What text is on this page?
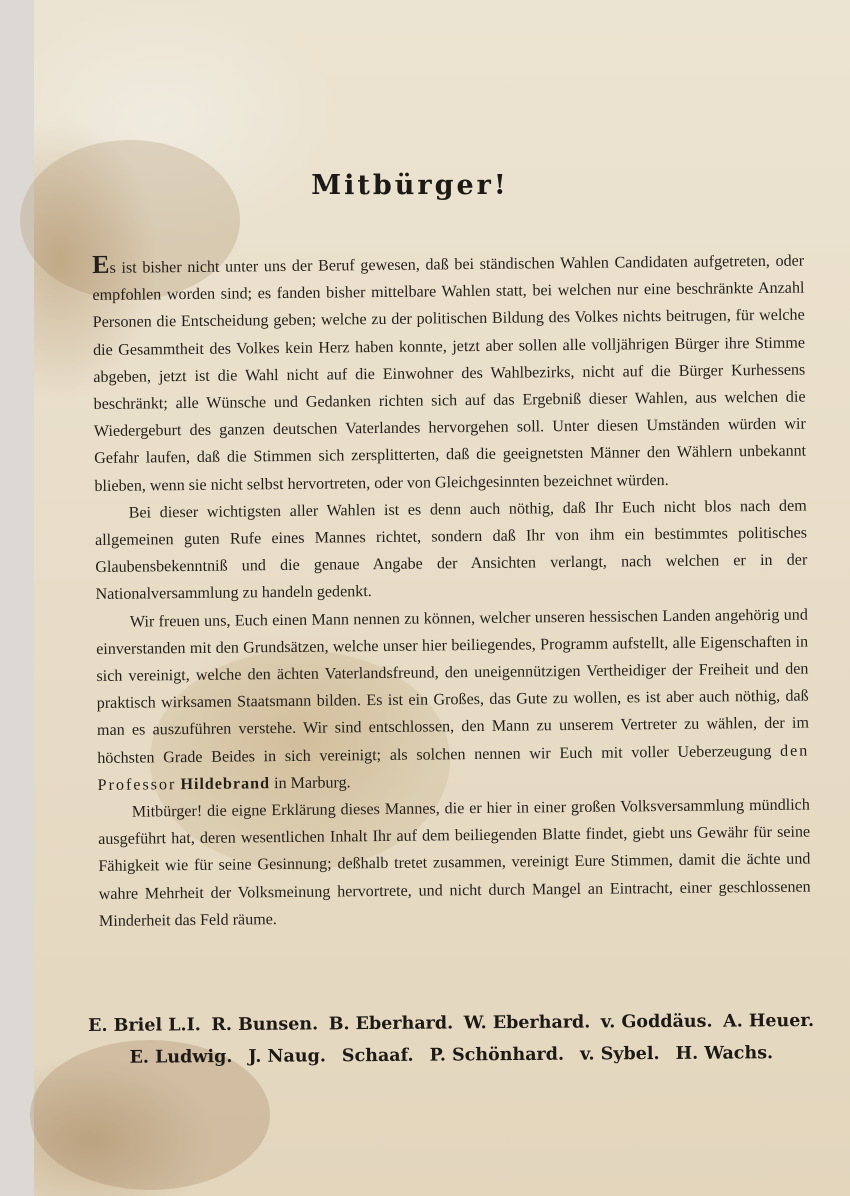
Mitbürger!

Es ist bisher nicht unter uns der Beruf gewesen, daß bei ständischen Wahlen Candidaten aufgetreten, oder empfohlen worden sind; es fanden bisher mittelbare Wahlen statt, bei welchen nur eine beschränkte Anzahl Personen die Entscheidung geben; welche zu der politischen Bildung des Volkes nichts beitrugen, für welche die Gesammtheit des Volkes kein Herz haben konnte, jetzt aber sollen alle volljährigen Bürger ihre Stimme abgeben, jetzt ist die Wahl nicht auf die Einwohner des Wahlbezirks, nicht auf die Bürger Kurhessens beschränkt; alle Wünsche und Gedanken richten sich auf das Ergebniß dieser Wahlen, aus welchen die Wiedergeburt des ganzen deutschen Vaterlandes hervorgehen soll. Unter diesen Umständen würden wir Gefahr laufen, daß die Stimmen sich zersplitterten, daß die geeignetsten Männer den Wählern unbekannt blieben, wenn sie nicht selbst hervortreten, oder von Gleichgesinnten bezeichnet würden.

Bei dieser wichtigsten aller Wahlen ist es denn auch nöthig, daß Ihr Euch nicht blos nach dem allgemeinen guten Rufe eines Mannes richtet, sondern daß Ihr von ihm ein bestimmtes politisches Glaubensbekenntniß und die genaue Angabe der Ansichten verlangt, nach welchen er in der Nationalversammlung zu handeln gedenkt.

Wir freuen uns, Euch einen Mann nennen zu können, welcher unseren hessischen Landen angehörig und einverstanden mit den Grundsätzen, welche unser hier beiliegendes, Programm aufstellt, alle Eigenschaften in sich vereinigt, welche den ächten Vaterlandsfreund, den uneigennützigen Vertheidiger der Freiheit und den praktisch wirksamen Staatsmann bilden. Es ist ein Großes, das Gute zu wollen, es ist aber auch nöthig, daß man es auszuführen verstehe. Wir sind entschlossen, den Mann zu unserem Vertreter zu wählen, der im höchsten Grade Beides in sich vereinigt; als solchen nennen wir Euch mit voller Ueberzeugung den Professor Hildebrand in Marburg.

Mitbürger! die eigne Erklärung dieses Mannes, die er hier in einer großen Volksversammlung mündlich ausgeführt hat, deren wesentlichen Inhalt Ihr auf dem beiliegenden Blatte findet, giebt uns Gewähr für seine Fähigkeit wie für seine Gesinnung; deßhalb tretet zusammen, vereinigt Eure Stimmen, damit die ächte und wahre Mehrheit der Volksmeinung hervortrete, und nicht durch Mangel an Eintracht, einer geschlossenen Minderheit das Feld räume.

E. Briel L.I. R. Bunsen. B. Eberhard. W. Eberhard. v. Goddäus. A. Heuer.
E. Ludwig. J. Naug. Schaaf. P. Schönhard. v. Sybel. H. Wachs.
